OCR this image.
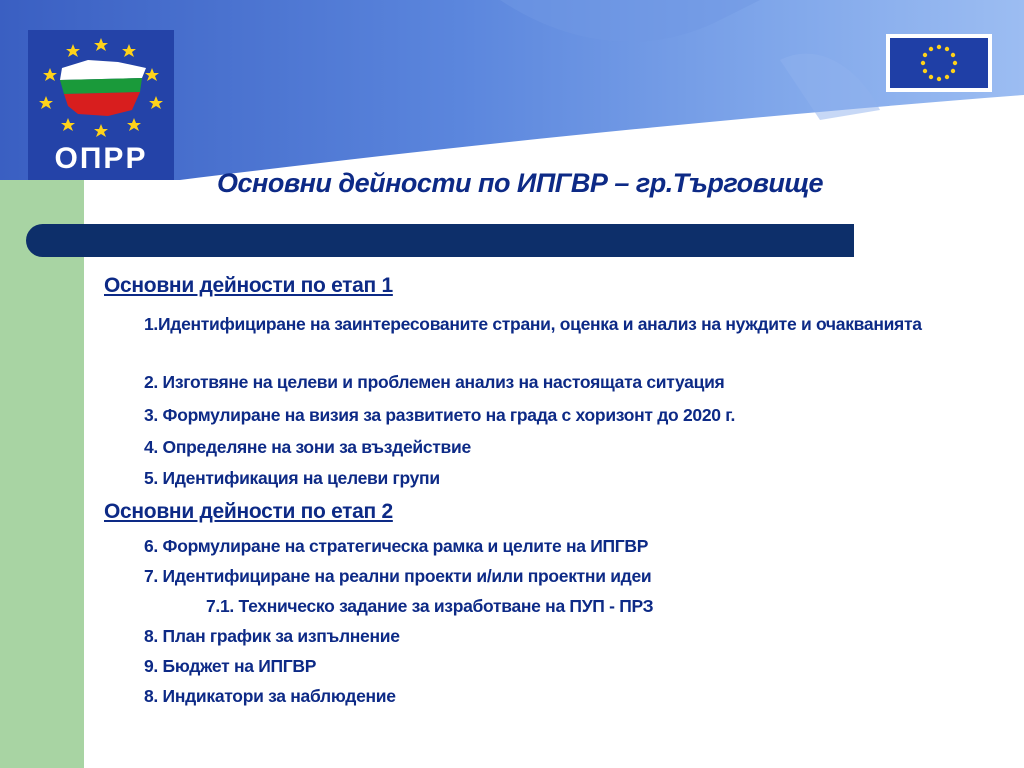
ОПРР
Основни дейности по ИПГВР – гр.Търговище
Основни дейности по етап 1
1.Идентифициране на заинтересованите страни, оценка и анализ на нуждите и очакванията
2. Изготвяне на целеви и проблемен анализ на настоящата ситуация
3. Формулиране на визия за развитието на града с хоризонт до 2020 г.
4. Определяне на зони за въздействие
5. Идентификация на целеви групи
Основни дейности по етап 2
6. Формулиране на стратегическа рамка и целите на ИПГВР
7. Идентифициране на реални проекти и/или проектни идеи
7.1. Техническо задание за изработване на ПУП - ПРЗ
8. План график за изпълнение
9. Бюджет на ИПГВР
8. Индикатори за наблюдение
